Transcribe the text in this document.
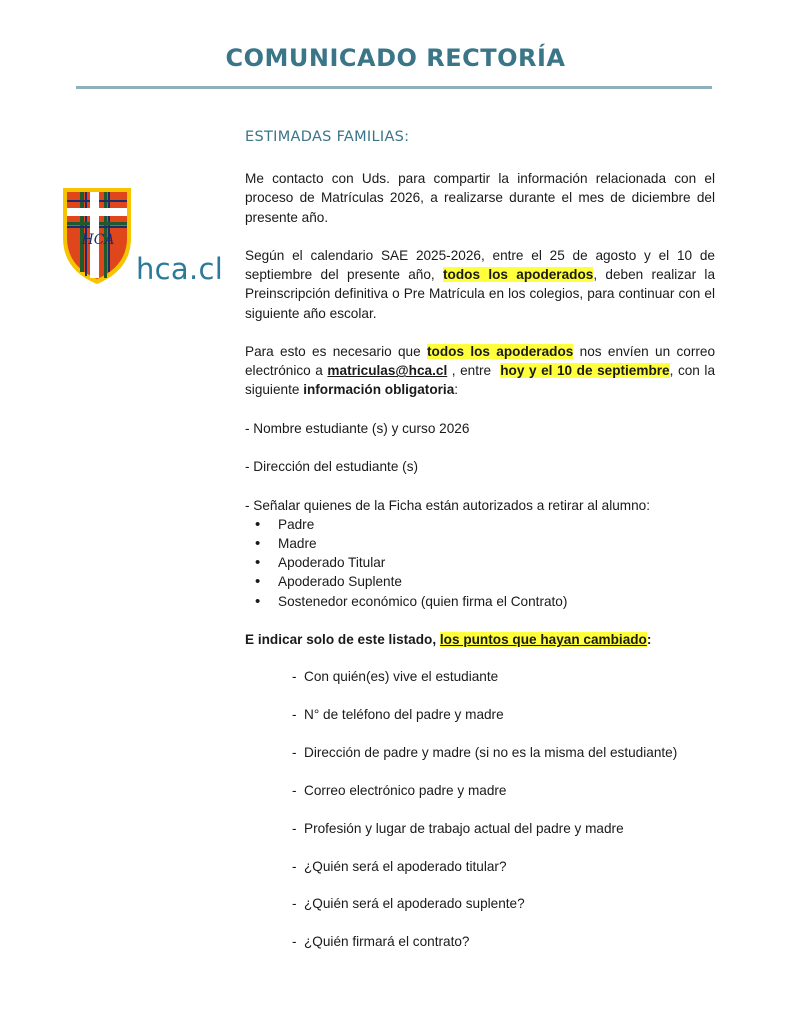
COMUNICADO RECTORÍA
HCA
hca.cl
ESTIMADAS FAMILIAS:

Me contacto con Uds. para compartir la información relacionada con el proceso de Matrículas 2026, a realizarse durante el mes de diciembre del presente año.

Según el calendario SAE 2025-2026, entre el 25 de agosto y el 10 de septiembre del presente año, todos los apoderados, deben realizar la Preinscripción definitiva o Pre Matrícula en los colegios, para continuar con el siguiente año escolar.

Para esto es necesario que todos los apoderados nos envíen un correo electrónico a matriculas@hca.cl , entre hoy y el 10 de septiembre, con la siguiente información obligatoria:

- Nombre estudiante (s) y curso 2026

- Dirección del estudiante (s)

- Señalar quienes de la Ficha están autorizados a retirar al alumno:

• Padre
• Madre
• Apoderado Titular
• Apoderado Suplente
• Sostenedor económico (quien firma el Contrato)

E indicar solo de este listado, los puntos que hayan cambiado:

- Con quién(es) vive el estudiante
- N° de teléfono del padre y madre
- Dirección de padre y madre (si no es la misma del estudiante)
- Correo electrónico padre y madre
- Profesión y lugar de trabajo actual del padre y madre
- ¿Quién será el apoderado titular?
- ¿Quién será el apoderado suplente?
- ¿Quién firmará el contrato?
